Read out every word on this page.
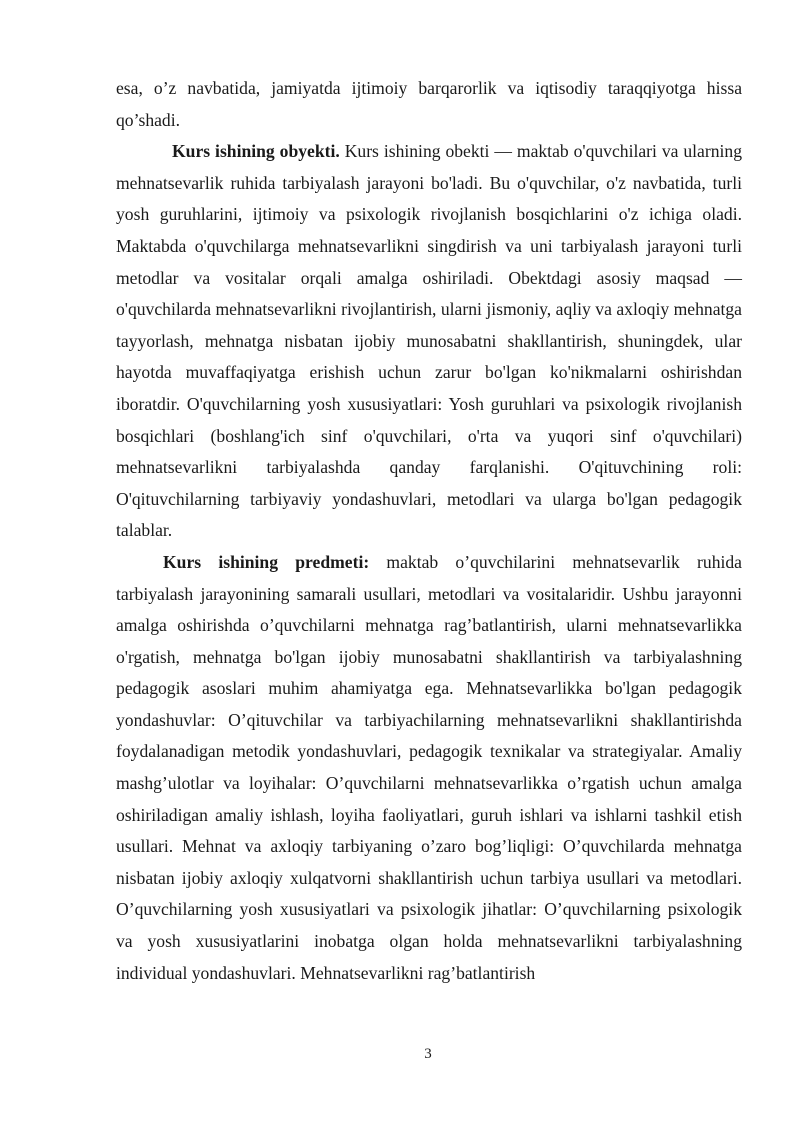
esa, o’z navbatida, jamiyatda ijtimoiy barqarorlik va iqtisodiy taraqqiyotga hissa qo’shadi.

Kurs ishining obyekti. Kurs ishining obekti — maktab o'quvchilari va ularning mehnatsevarlik ruhida tarbiyalash jarayoni bo'ladi. Bu o'quvchilar, o'z navbatida, turli yosh guruhlarini, ijtimoiy va psixologik rivojlanish bosqichlarini o'z ichiga oladi. Maktabda o'quvchilarga mehnatsevarlikni singdirish va uni tarbiyalash jarayoni turli metodlar va vositalar orqali amalga oshiriladi. Obektdagi asosiy maqsad — o'quvchilarda mehnatsevarlikni rivojlantirish, ularni jismoniy, aqliy va axloqiy mehnatga tayyorlash, mehnatga nisbatan ijobiy munosabatni shakllantirish, shuningdek, ular hayotda muvaffaqiyatga erishish uchun zarur bo'lgan ko'nikmalarni oshirishdan iboratdir. O'quvchilarning yosh xususiyatlari: Yosh guruhlari va psixologik rivojlanish bosqichlari (boshlang'ich sinf o'quvchilari, o'rta va yuqori sinf o'quvchilari) mehnatsevarlikni tarbiyalashda qanday farqlanishi. O'qituvchining roli: O'qituvchilarning tarbiyaviy yondashuvlari, metodlari va ularga bo'lgan pedagogik talablar.

Kurs ishining predmeti: maktab o’quvchilarini mehnatsevarlik ruhida tarbiyalash jarayonining samarali usullari, metodlari va vositalaridir. Ushbu jarayonni amalga oshirishda o’quvchilarni mehnatga rag’batlantirish, ularni mehnatsevarlikka o'rgatish, mehnatga bo'lgan ijobiy munosabatni shakllantirish va tarbiyalashning pedagogik asoslari muhim ahamiyatga ega. Mehnatsevarlikka bo'lgan pedagogik yondashuvlar: O’qituvchilar va tarbiyachilarning mehnatsevarlikni shakllantirishda foydalanadigan metodik yondashuvlari, pedagogik texnikalar va strategiyalar. Amaliy mashg’ulotlar va loyihalar: O’quvchilarni mehnatsevarlikka o’rgatish uchun amalga oshiriladigan amaliy ishlash, loyiha faoliyatlari, guruh ishlari va ishlarni tashkil etish usullari. Mehnat va axloqiy tarbiyaning o’zaro bog’liqligi: O’quvchilarda mehnatga nisbatan ijobiy axloqiy xulqatvorni shakllantirish uchun tarbiya usullari va metodlari. O’quvchilarning yosh xususiyatlari va psixologik jihatlar: O’quvchilarning psixologik va yosh xususiyatlarini inobatga olgan holda mehnatsevarlikni tarbiyalashning individual yondashuvlari. Mehnatsevarlikni rag’batlantirish

3
